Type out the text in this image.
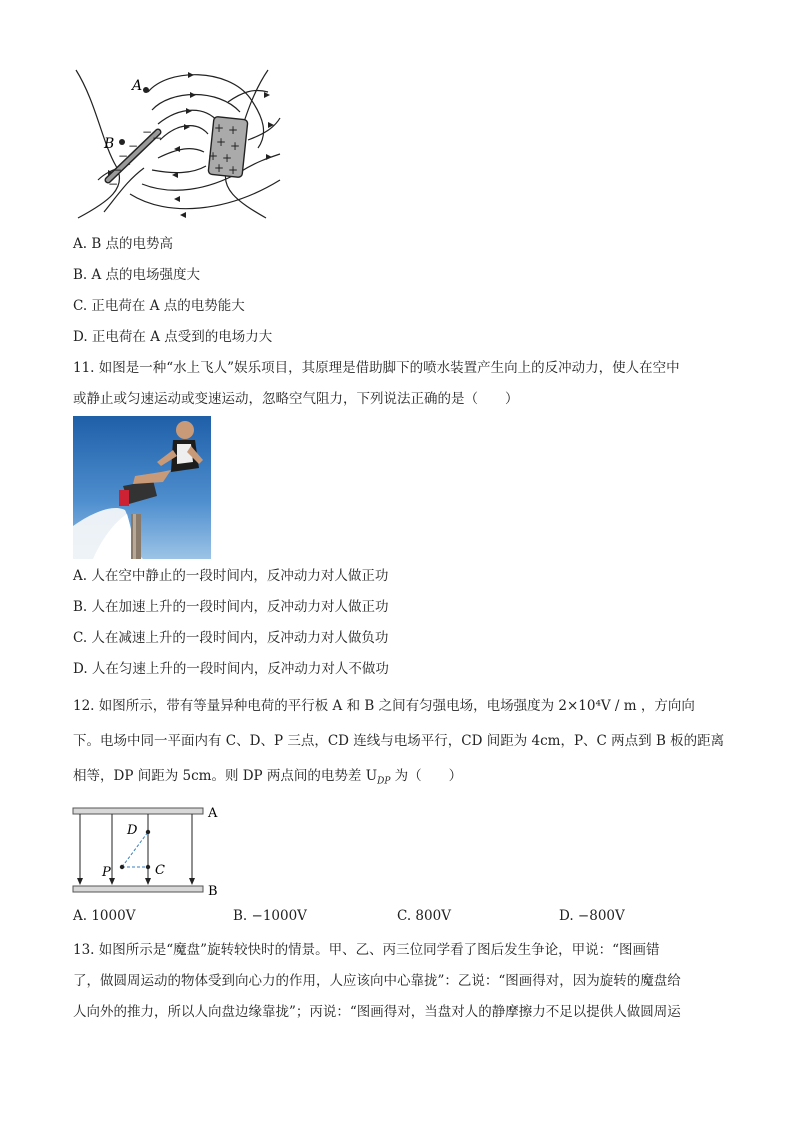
A
B
+ +
+ +
+ +
+ +
− −
−
−
−
−
A. B 点的电势高
B. A 点的电场强度大
C. 正电荷在 A 点的电势能大
D. 正电荷在 A 点受到的电场力大
11. 如图是一种“水上飞人”娱乐项目，其原理是借助脚下的喷水装置产生向上的反冲动力，使人在空中
或静止或匀速运动或变速运动，忽略空气阻力，下列说法正确的是（　　）
A. 人在空中静止的一段时间内，反冲动力对人做正功
B. 人在加速上升的一段时间内，反冲动力对人做正功
C. 人在减速上升的一段时间内，反冲动力对人做负功
D. 人在匀速上升的一段时间内，反冲动力对人不做功
12. 如图所示，带有等量异种电荷的平行板 A 和 B 之间有匀强电场，电场强度为 2×10⁴V / m ，方向向
下。电场中同一平面内有 C、D、P 三点，CD 连线与电场平行，CD 间距为 4cm，P、C 两点到 B 板的距离
相等，DP 间距为 5cm。则 DP 两点间的电势差 $U_{DP}$ 为（　　）
D
P	C
A
B
A. 1000V	B. −1000V	C. 800V	D. −800V
13. 如图所示是“魔盘”旋转较快时的情景。甲、乙、丙三位同学看了图后发生争论，甲说：“图画错
了，做圆周运动的物体受到向心力的作用，人应该向中心靠拢”：乙说：“图画得对，因为旋转的魔盘给
人向外的推力，所以人向盘边缘靠拢”；丙说：“图画得对，当盘对人的静摩擦力不足以提供人做圆周运
